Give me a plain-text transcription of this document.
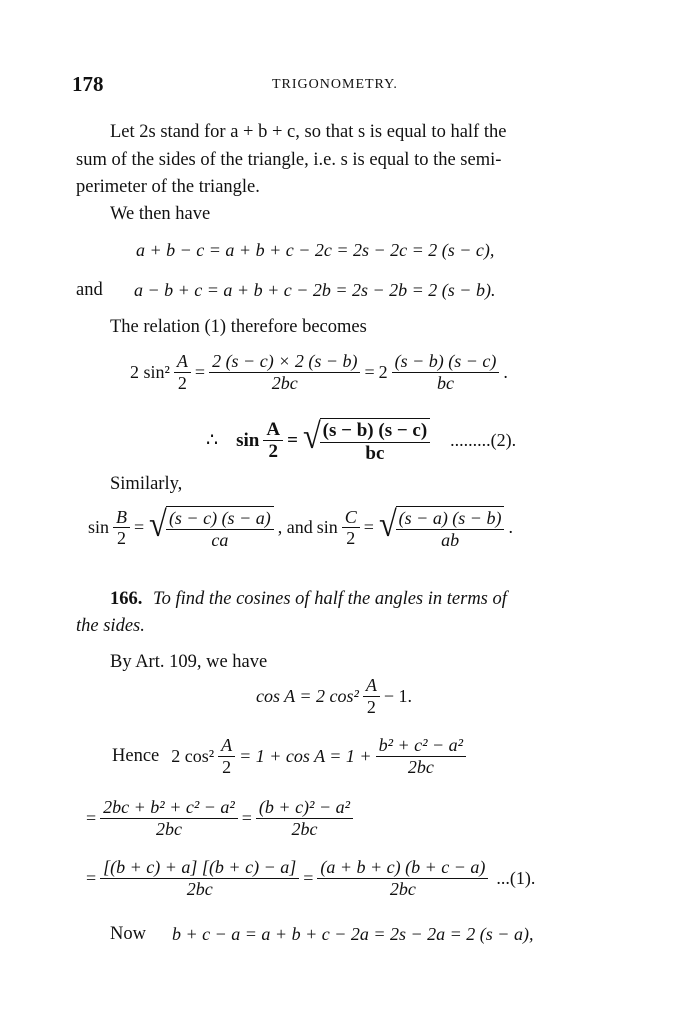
178	TRIGONOMETRY.
Let 2s stand for a + b + c, so that s is equal to half the
sum of the sides of the triangle, i.e. s is equal to the semi-
perimeter of the triangle.
We then have
a + b − c = a + b + c − 2c = 2s − 2c = 2 (s − c),
and a − b + c = a + b + c − 2b = 2s − 2b = 2 (s − b).
The relation (1) therefore becomes
2 $\sin^2 \frac{A}{2} = \frac{2 (s - c) \times 2 (s - b)}{2bc} = 2 \frac{(s - b) (s - c)}{bc}$ .
∴ $\sin \frac{A}{2}$ = √
$\frac{(s - b) (s - c)}{bc} .........(2)$.
Similarly,
$\sin \frac{B}{2}$ = √
$\frac{(s - c) (s - a)}{ca}$ , and $\sin \frac{C}{2}$ = √
$\frac{(s - a) (s - b)}{ab}$ .
166. To find the cosines of half the angles in terms of
the sides.
By Art. 109, we have
cos A = 2 $\cos^2 \frac{A}{2} - 1$.
Hence 2 $\cos^2 \frac{A}{2} = 1 + \cos A = 1 + \frac{\text{b² + c² − a²}}{2bc}$
= $\frac{\text{2bc + b² + c² − a²}}{2bc} = \frac{\text{(b + c)² − a²}}{2bc}$
= $\frac{[(b + c) + a] [(b + c) - a]}{2bc} = \frac{(a + b + c) (b + c - a)}{2bc} ...(1)$.
Now b + c − a = a + b + c − 2a = 2s − 2a = 2 (s − a),
